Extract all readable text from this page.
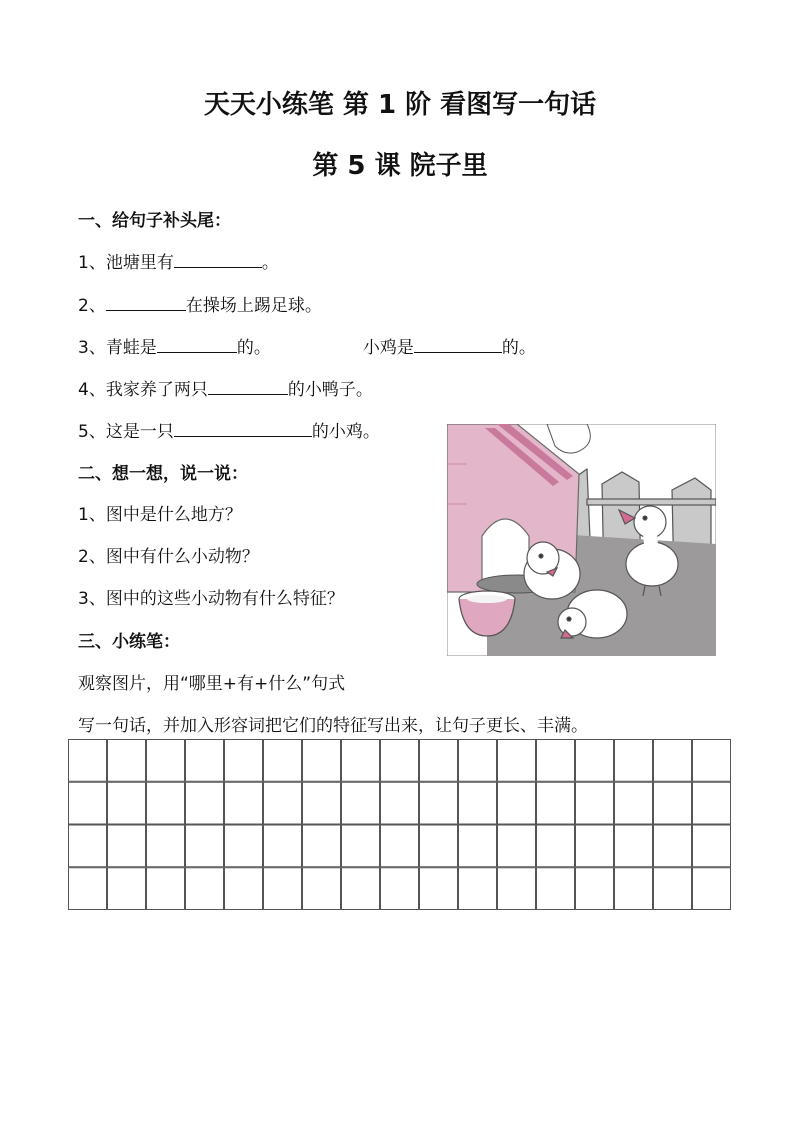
天天小练笔 第 1 阶 看图写一句话
第 5 课 院子里
一、给句子补头尾：
1、池塘里有	。
2、	在操场上踢足球。
3、青蛙是	的。	小鸡是	的。
4、我家养了两只	的小鸭子。
5、这是一只	的小鸡。
二、想一想，说一说：
1、图中是什么地方？
2、图中有什么小动物？
3、图中的这些小动物有什么特征？
三、小练笔：
观察图片，用“哪里+有+什么”句式
写一句话，并加入形容词把它们的特征写出来，让句子更长、丰满。
